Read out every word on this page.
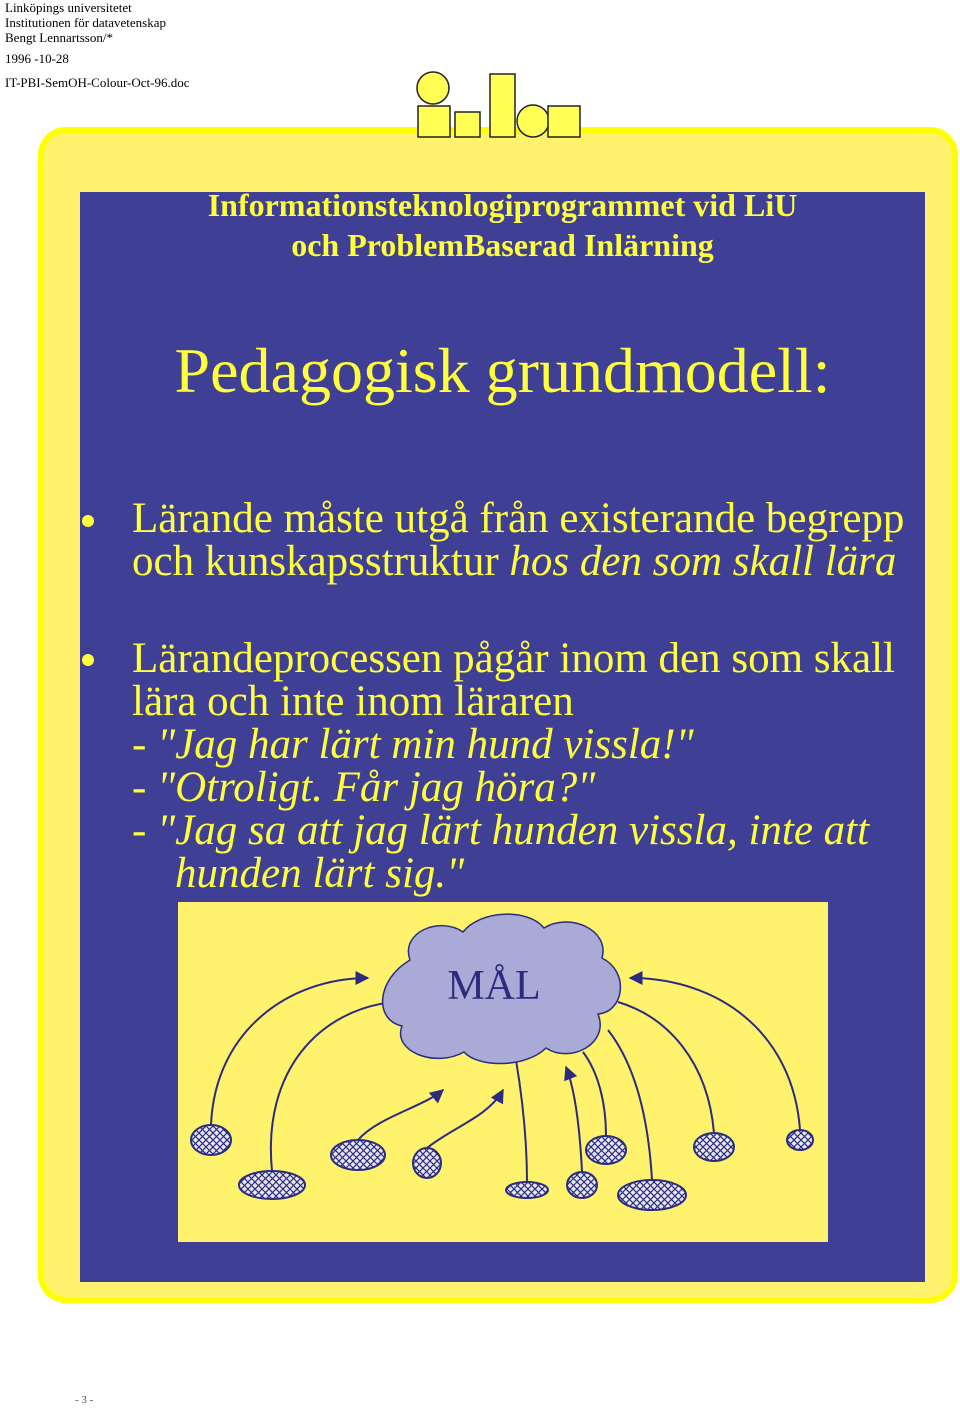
Linköpings universitetet
Institutionen för datavetenskap
Bengt Lennartsson/*
1996 -10-28
IT-PBI-SemOH-Colour-Oct-96.doc
Informationsteknologiprogrammet vid LiU
och ProblemBaserad Inlärning
Pedagogisk grundmodell:
Lärande måste utgå från existerande begrepp
och kunskapsstruktur hos den som skall lära
Lärandeprocessen pågår inom den som skall
lära och inte inom läraren
- "Jag har lärt min hund vissla!"
- "Otroligt. Får jag höra?"
- "Jag sa att jag lärt hunden vissla, inte att
hunden lärt sig."
MÅL
- 3 -
